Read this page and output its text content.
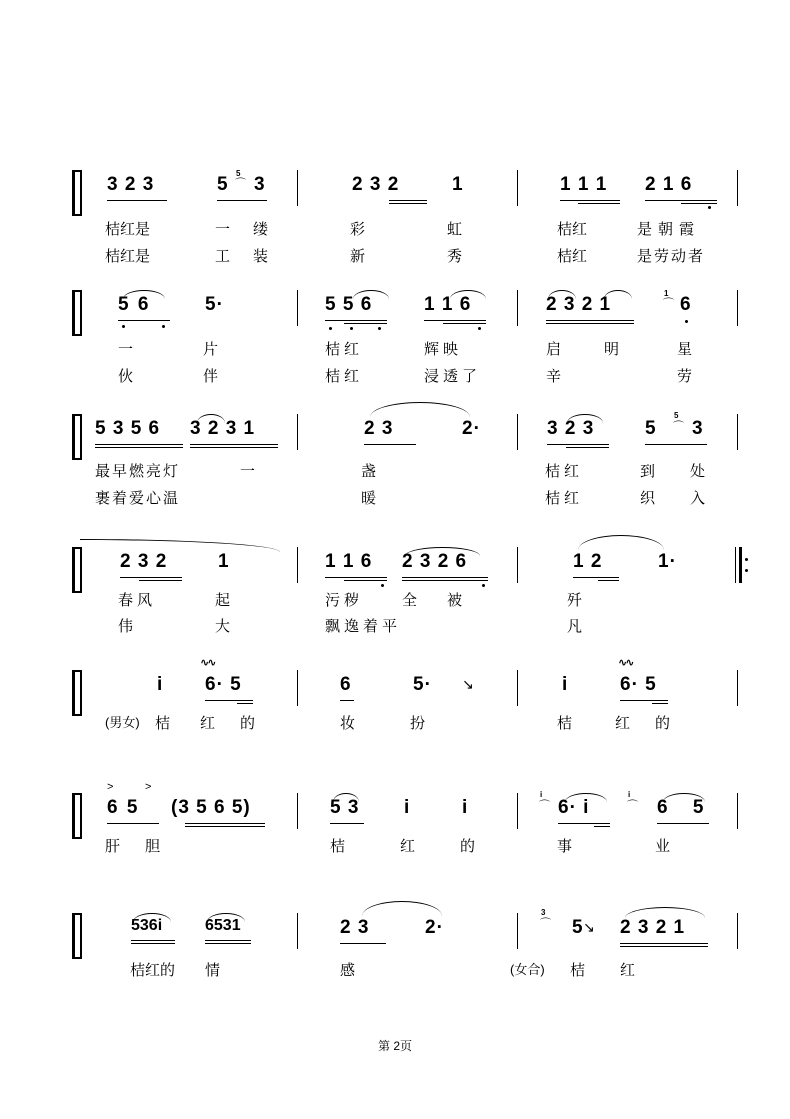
3 2 3	5
5
⌒ 3	2 3 2	1	1 1 1 2 1 6
桔红是	一 缕	彩	虹	桔红	是朝霞
桔红是	工 装	新	秀	桔红	是劳动者
5 6	5·	5 5 6	1 1 6	2 3 2 1
1
⌒ 6
一	片	桔红	辉映	启	明	星
伙	伴	桔红	浸透了	辛	劳
5 3 5 6 3 2 3 1	2 3	2·	3 2 3	5
5
⌒ 3
最早燃亮灯	一	盏	桔红	到 处
裹着爱心温	暖	桔红	织 入
2 3 2	1	1 1 6 2 3 2 6	1 2	1·
春风	起	污秽	全 被	歼
伟	大	飘逸着平	凡
i
∿∿
6· 5	6	5· ↘	i
∿∿
6· 5
(男女) 桔 红 的	妆	扮	桔	红 的
>	>
6 5 (3 5 6 5)	5 3 i	i
i
⌒ 6· i
i
⌒ 6 5
肝 胆	桔	红	的	事	业
536i	6531	2 3	2·
3
⌒ 5 ↘ 2 3 2 1
桔红的 情	感	(女合) 桔 红
第 2页
